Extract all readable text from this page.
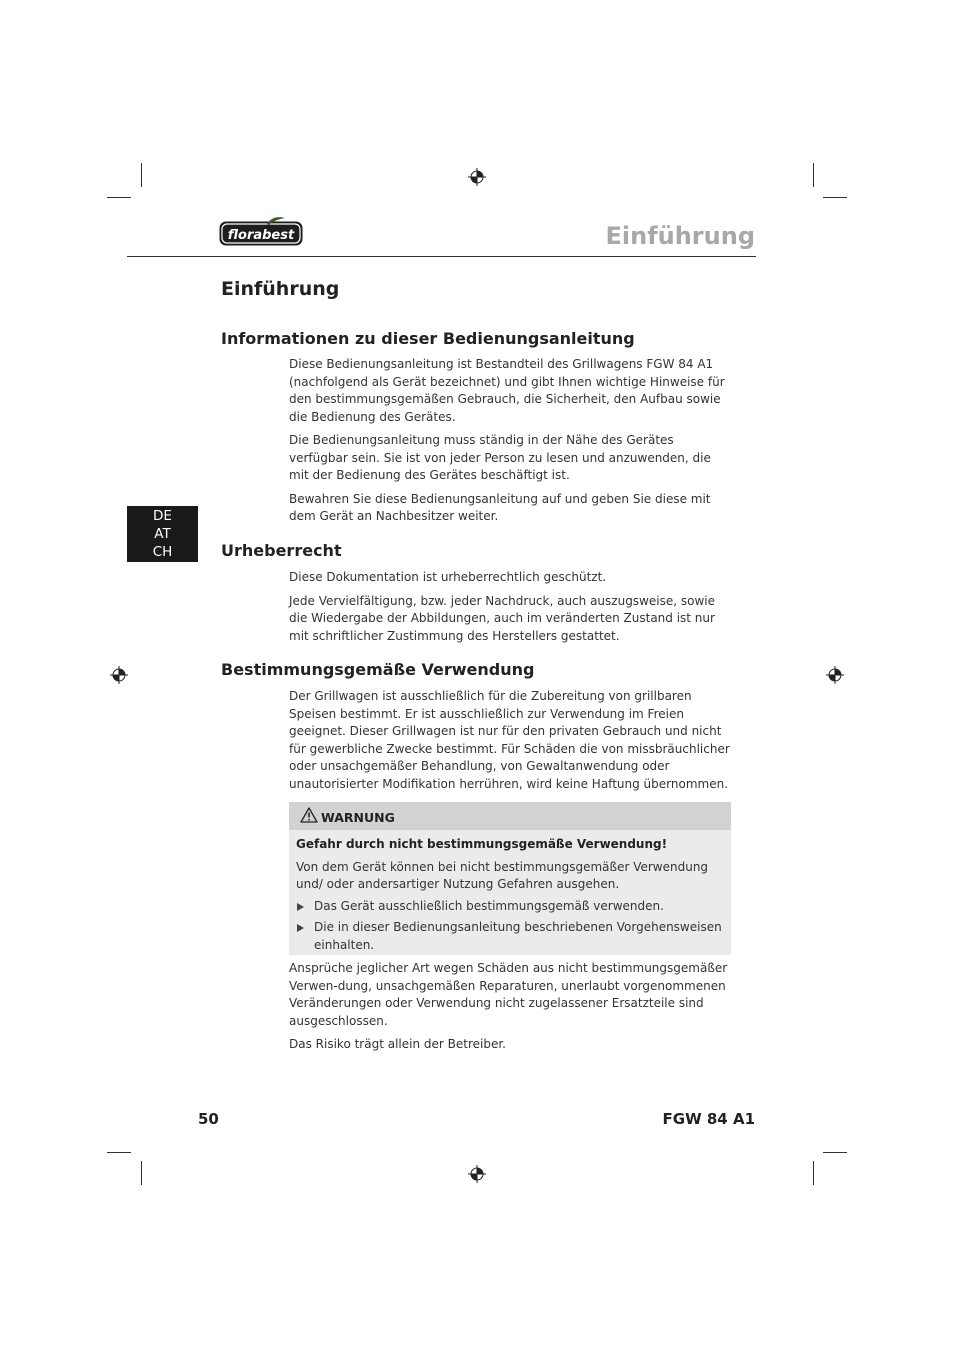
florabest	Einführung
Einführung
Informationen zu dieser Bedienungsanleitung

Diese Bedienungsanleitung ist Bestandteil des Grillwagens FGW 84 A1 (nachfolgend als Gerät bezeichnet) und gibt Ihnen wichtige Hinweise für den bestimmungsgemäßen Gebrauch, die Sicherheit, den Aufbau sowie die Bedienung des Gerätes.

Die Bedienungsanleitung muss ständig in der Nähe des Gerätes verfügbar sein. Sie ist von jeder Person zu lesen und anzuwenden, die mit der Bedienung des Gerätes beschäftigt ist.

Bewahren Sie diese Bedienungsanleitung auf und geben Sie diese mit dem Gerät an Nachbesitzer weiter.

DE
AT
CH	Urheberrecht

Diese Dokumentation ist urheberrechtlich geschützt.

Jede Vervielfältigung, bzw. jeder Nachdruck, auch auszugsweise, sowie die Wiedergabe der Abbildungen, auch im veränderten Zustand ist nur mit schriftlicher Zustimmung des Herstellers gestattet.

Bestimmungsgemäße Verwendung

Der Grillwagen ist ausschließlich für die Zubereitung von grillbaren Speisen bestimmt. Er ist ausschließlich zur Verwendung im Freien geeignet. Dieser Grillwagen ist nur für den privaten Gebrauch und nicht für gewerbliche Zwecke bestimmt. Für Schäden die von missbräuchlicher oder unsachgemäßer Behandlung, von Gewaltanwendung oder unautorisierter Modifikation herrühren, wird keine Haftung übernommen.

WARNUNG
Gefahr durch nicht bestimmungsgemäße Verwendung!
Von dem Gerät können bei nicht bestimmungsgemäßer Verwendung und/ oder andersartiger Nutzung Gefahren ausgehen.
Das Gerät ausschließlich bestimmungsgemäß verwenden.
Die in dieser Bedienungsanleitung beschriebenen Vorgehensweisen einhalten.

Ansprüche jeglicher Art wegen Schäden aus nicht bestimmungsgemäßer Verwen-dung, unsachgemäßen Reparaturen, unerlaubt vorgenommenen Veränderungen oder Verwendung nicht zugelassener Ersatzteile sind ausgeschlossen.

Das Risiko trägt allein der Betreiber.

50	FGW 84 A1
